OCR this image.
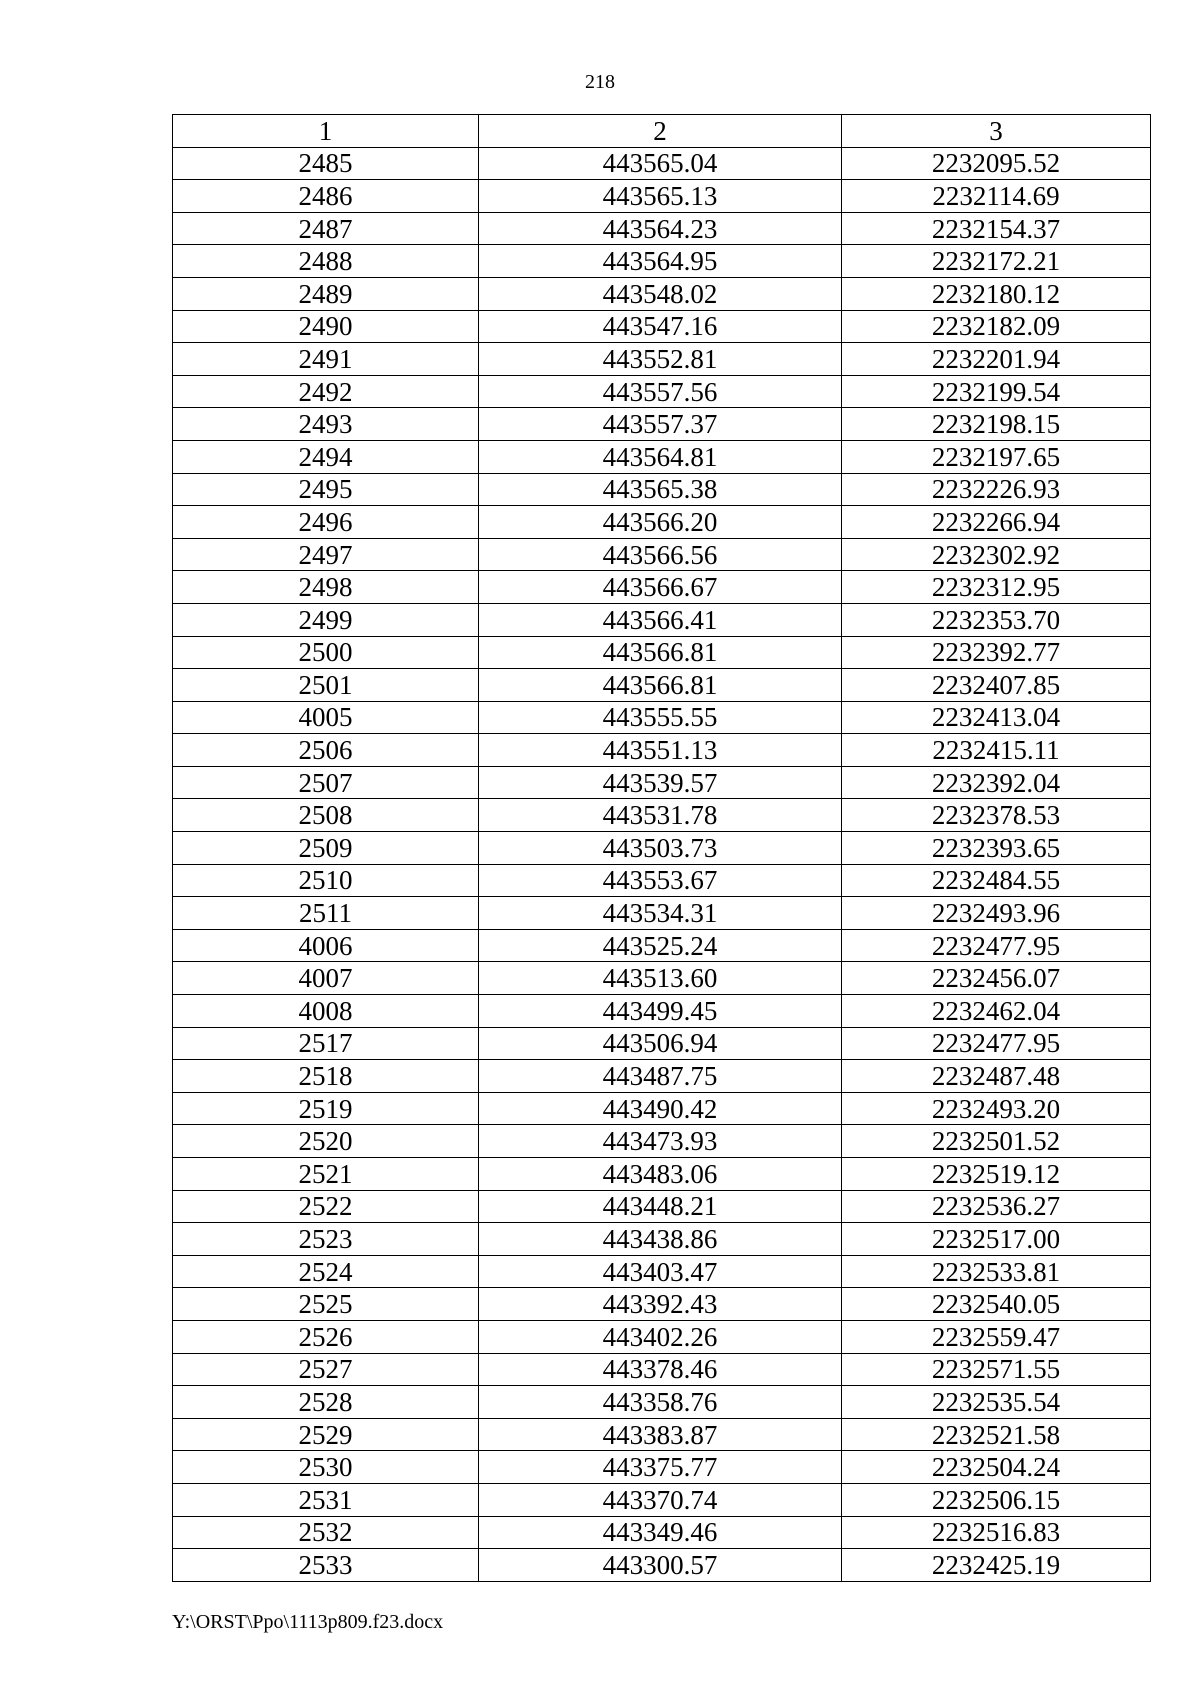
218
1	2	3
2485	443565.04	2232095.52
2486	443565.13	2232114.69
2487	443564.23	2232154.37
2488	443564.95	2232172.21
2489	443548.02	2232180.12
2490	443547.16	2232182.09
2491	443552.81	2232201.94
2492	443557.56	2232199.54
2493	443557.37	2232198.15
2494	443564.81	2232197.65
2495	443565.38	2232226.93
2496	443566.20	2232266.94
2497	443566.56	2232302.92
2498	443566.67	2232312.95
2499	443566.41	2232353.70
2500	443566.81	2232392.77
2501	443566.81	2232407.85
4005	443555.55	2232413.04
2506	443551.13	2232415.11
2507	443539.57	2232392.04
2508	443531.78	2232378.53
2509	443503.73	2232393.65
2510	443553.67	2232484.55
2511	443534.31	2232493.96
4006	443525.24	2232477.95
4007	443513.60	2232456.07
4008	443499.45	2232462.04
2517	443506.94	2232477.95
2518	443487.75	2232487.48
2519	443490.42	2232493.20
2520	443473.93	2232501.52
2521	443483.06	2232519.12
2522	443448.21	2232536.27
2523	443438.86	2232517.00
2524	443403.47	2232533.81
2525	443392.43	2232540.05
2526	443402.26	2232559.47
2527	443378.46	2232571.55
2528	443358.76	2232535.54
2529	443383.87	2232521.58
2530	443375.77	2232504.24
2531	443370.74	2232506.15
2532	443349.46	2232516.83
2533	443300.57	2232425.19
Y:\ORST\Ppo\1113p809.f23.docx
